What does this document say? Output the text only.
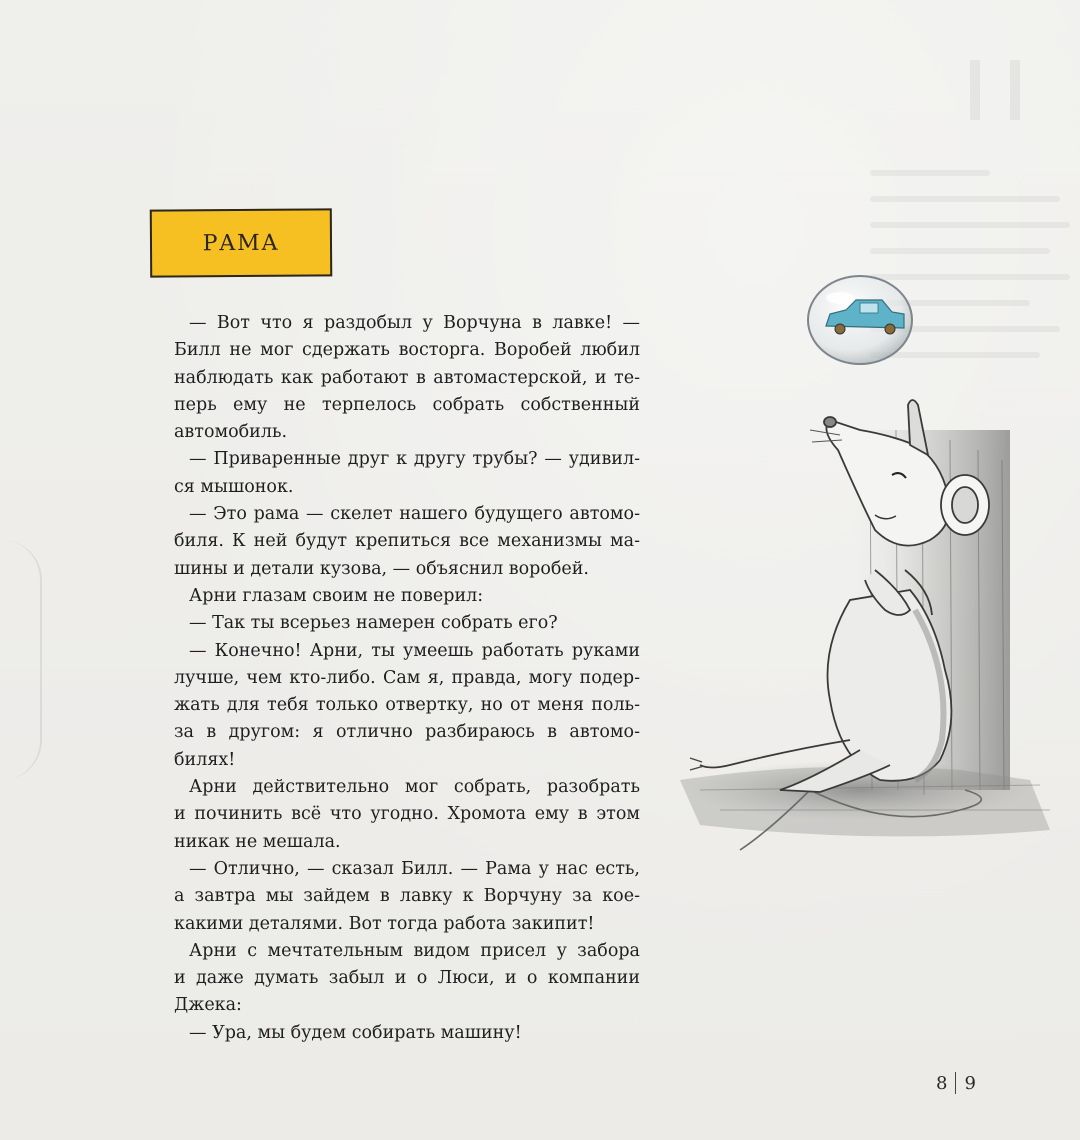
РАМА
— Вот что я раздобыл у Ворчуна в лавке! —
Билл не мог сдержать восторга. Воробей любил
наблюдать как работают в автомастерской, и те-
перь ему не терпелось собрать собственный
автомобиль.
— Приваренные друг к другу трубы? — удивил-
ся мышонок.
— Это рама — скелет нашего будущего автомо-
биля. К ней будут крепиться все механизмы ма-
шины и детали кузова, — объяснил воробей.
Арни глазам своим не поверил:
— Так ты всерьез намерен собрать его?
— Конечно! Арни, ты умеешь работать руками
лучше, чем кто-либо. Сам я, правда, могу подер-
жать для тебя только отвертку, но от меня поль-
за в другом: я отлично разбираюсь в автомо-
билях!
Арни действительно мог собрать, разобрать
и починить всё что угодно. Хромота ему в этом
никак не мешала.
— Отлично, — сказал Билл. — Рама у нас есть,
а завтра мы зайдем в лавку к Ворчуну за кое-
какими деталями. Вот тогда работа закипит!
Арни с мечтательным видом присел у забора
и даже думать забыл и о Люси, и о компании
Джека:
— Ура, мы будем собирать машину!
8 9
